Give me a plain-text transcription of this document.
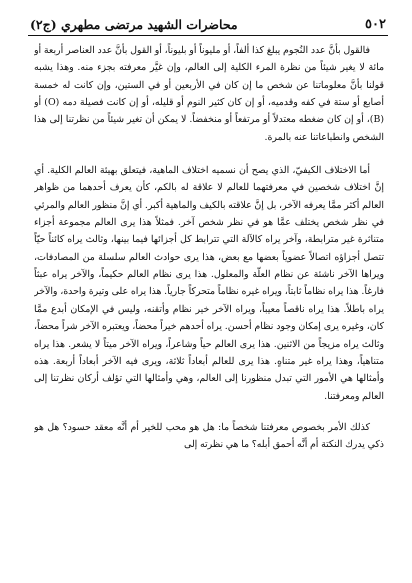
٥٠٢
محاضرات الشهيد مرتضى مطهري (ج٢)

فالقول بأنَّ عدد النُجوم يبلغ كذا ألفاً، أو مليوناً أو بليوناً، أو القول بأنَّ عدد العناصر أربعة أو مائة لا يغير شيئاً من نظرة المرء الكلية إلى العالم، وإن غيَّر معرفته بجزء منه. وهذا يشبه قولنا بأنَّ معلوماتنا عن شخص ما إن كان في الأربعين أو في الستين، وإن كانت له خمسة أصابع أو ستة في كفه وقدميه، أو إن كان كثير النوم أو قليله، أو إن كانت فصيلة دمه (O) أو (B)، أو إن كان ضغطه معتدلاً أو مرتفعاً أو منخفضاً. لا يمكن أن تغير شيئاً من نظرتنا إلى هذا الشخص وانطباعاتنا عنه بالمرة.

أما الاختلاف الكيفيّ، الذي يصح أن نسميه اختلاف الماهية، فيتعلق بهيئة العالم الكلية. أي إنَّ اختلاف شخصين في معرفتهما للعالم لا علاقة له بالكم، كأن يعرف أحدهما من ظواهر العالم أكثر ممَّا يعرفه الآخر، بل إنَّ علاقته بالكيف والماهية أكبر. أي إنَّ منظور العالم والمرئي في نظر شخص يختلف عمَّا هو في نظر شخص آخر. فمثلاً هذا يرى العالم مجموعة أجزاء متناثرة غير مترابطة، وآخر يراه كالآلة التي تترابط كل أجزائها فيما بينها، وثالث يراه كائناً حيّاً تتصل أجزاؤه اتصالاً عضوياً بعضها مع بعض، هذا يرى حوادث العالم سلسلة من المصادفات، ويراها الآخر ناشئة عن نظام العلّة والمعلول. هذا يرى نظام العالم حكيماً، والآخر يراه عبثاً فارغاً. هذا يراه نظاماً ثابتاً، ويراه غيره نظاماً متحركاً جارياً. هذا يراه على وتيرة واحدة، والآخر يراه باطلاً. هذا يراه ناقصاً معيباً، ويراه الآخر خير نظام وأتقنه، وليس في الإمكان أبدع ممَّا كان، وغيره يرى إمكان وجود نظام أحسن. يراه أحدهم خيراً محضاً، ويعتبره الآخر شراً محضاً، وثالث يراه مزيجاً من الاثنين. هذا يرى العالم حياً وشاعراً، ويراه الآخر ميتاً لا يشعر. هذا يراه متناهياً، وهذا يراه غير متناهٍ. هذا يرى للعالم أبعاداً ثلاثة، ويرى فيه الآخر أبعاداً أربعة. هذه وأمثالها هي الأمور التي تبدل منظورنا إلى العالم، وهي وأمثالها التي تؤلف أركان نظرتنا إلى العالم ومعرفتنا.

كذلك الأمر بخصوص معرفتنا شخصاً ما: هل هو محب للخير أم أنَّه معقد حسود؟ هل هو ذكي يدرك النكتة أم أنَّه أحمق أبله؟ ما هي نظرته إلى
